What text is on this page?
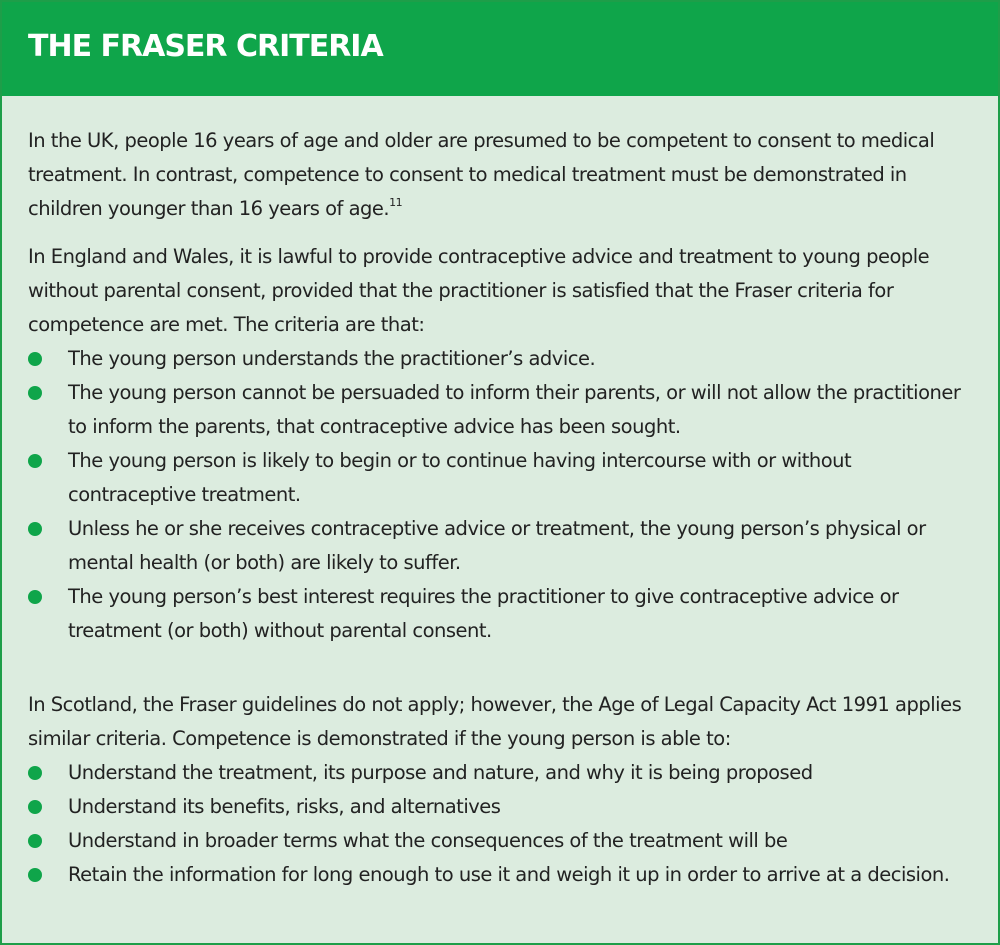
THE FRASER CRITERIA

In the UK, people 16 years of age and older are presumed to be competent to consent to medical treatment. In contrast, competence to consent to medical treatment must be demonstrated in children younger than 16 years of age.$^{11}$

In England and Wales, it is lawful to provide contraceptive advice and treatment to young people without parental consent, provided that the practitioner is satisfied that the Fraser criteria for competence are met. The criteria are that:

The young person understands the practitioner’s advice.
The young person cannot be persuaded to inform their parents, or will not allow the practitioner to inform the parents, that contraceptive advice has been sought.
The young person is likely to begin or to continue having intercourse with or without contraceptive treatment.
Unless he or she receives contraceptive advice or treatment, the young person’s physical or mental health (or both) are likely to suffer.
The young person’s best interest requires the practitioner to give contraceptive advice or treatment (or both) without parental consent.

In Scotland, the Fraser guidelines do not apply; however, the Age of Legal Capacity Act 1991 applies similar criteria. Competence is demonstrated if the young person is able to:

Understand the treatment, its purpose and nature, and why it is being proposed
Understand its benefits, risks, and alternatives
Understand in broader terms what the consequences of the treatment will be
Retain the information for long enough to use it and weigh it up in order to arrive at a decision.
